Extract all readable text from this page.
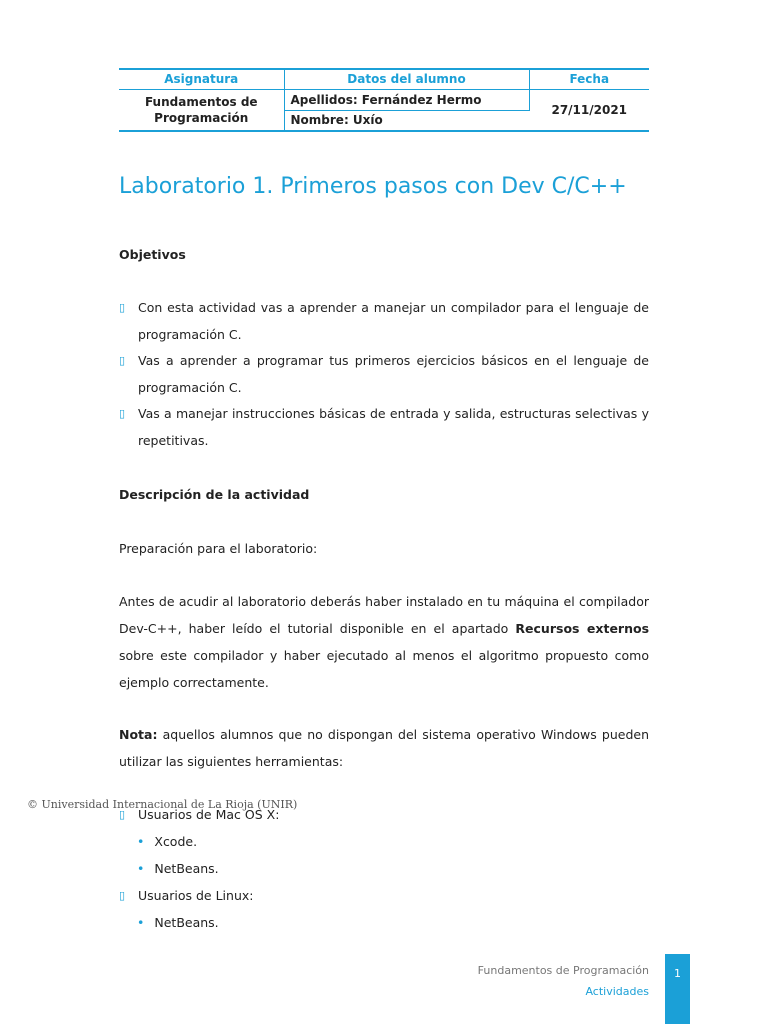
Asignatura	Datos del alumno	Fecha
Fundamentos de Programación	Apellidos: Fernández Hermo	27/11/2021
	Nombre: Uxío	
Laboratorio 1. Primeros pasos con Dev C/C++
Objetivos
▯ Con esta actividad vas a aprender a manejar un compilador para el lenguaje de programación C.
▯ Vas a aprender a programar tus primeros ejercicios básicos en el lenguaje de programación C.
▯ Vas a manejar instrucciones básicas de entrada y salida, estructuras selectivas y repetitivas.
Descripción de la actividad
Preparación para el laboratorio:
Antes de acudir al laboratorio deberás haber instalado en tu máquina el compilador Dev-C++, haber leído el tutorial disponible en el apartado Recursos externos sobre este compilador y haber ejecutado al menos el algoritmo propuesto como ejemplo correctamente.
Nota: aquellos alumnos que no dispongan del sistema operativo Windows pueden utilizar las siguientes herramientas:
▯ Usuarios de Mac OS X:
• Xcode.
• NetBeans.
▯ Usuarios de Linux:
• NetBeans.
© Universidad Internacional de La Rioja (UNIR)
Fundamentos de Programación
Actividades
1
